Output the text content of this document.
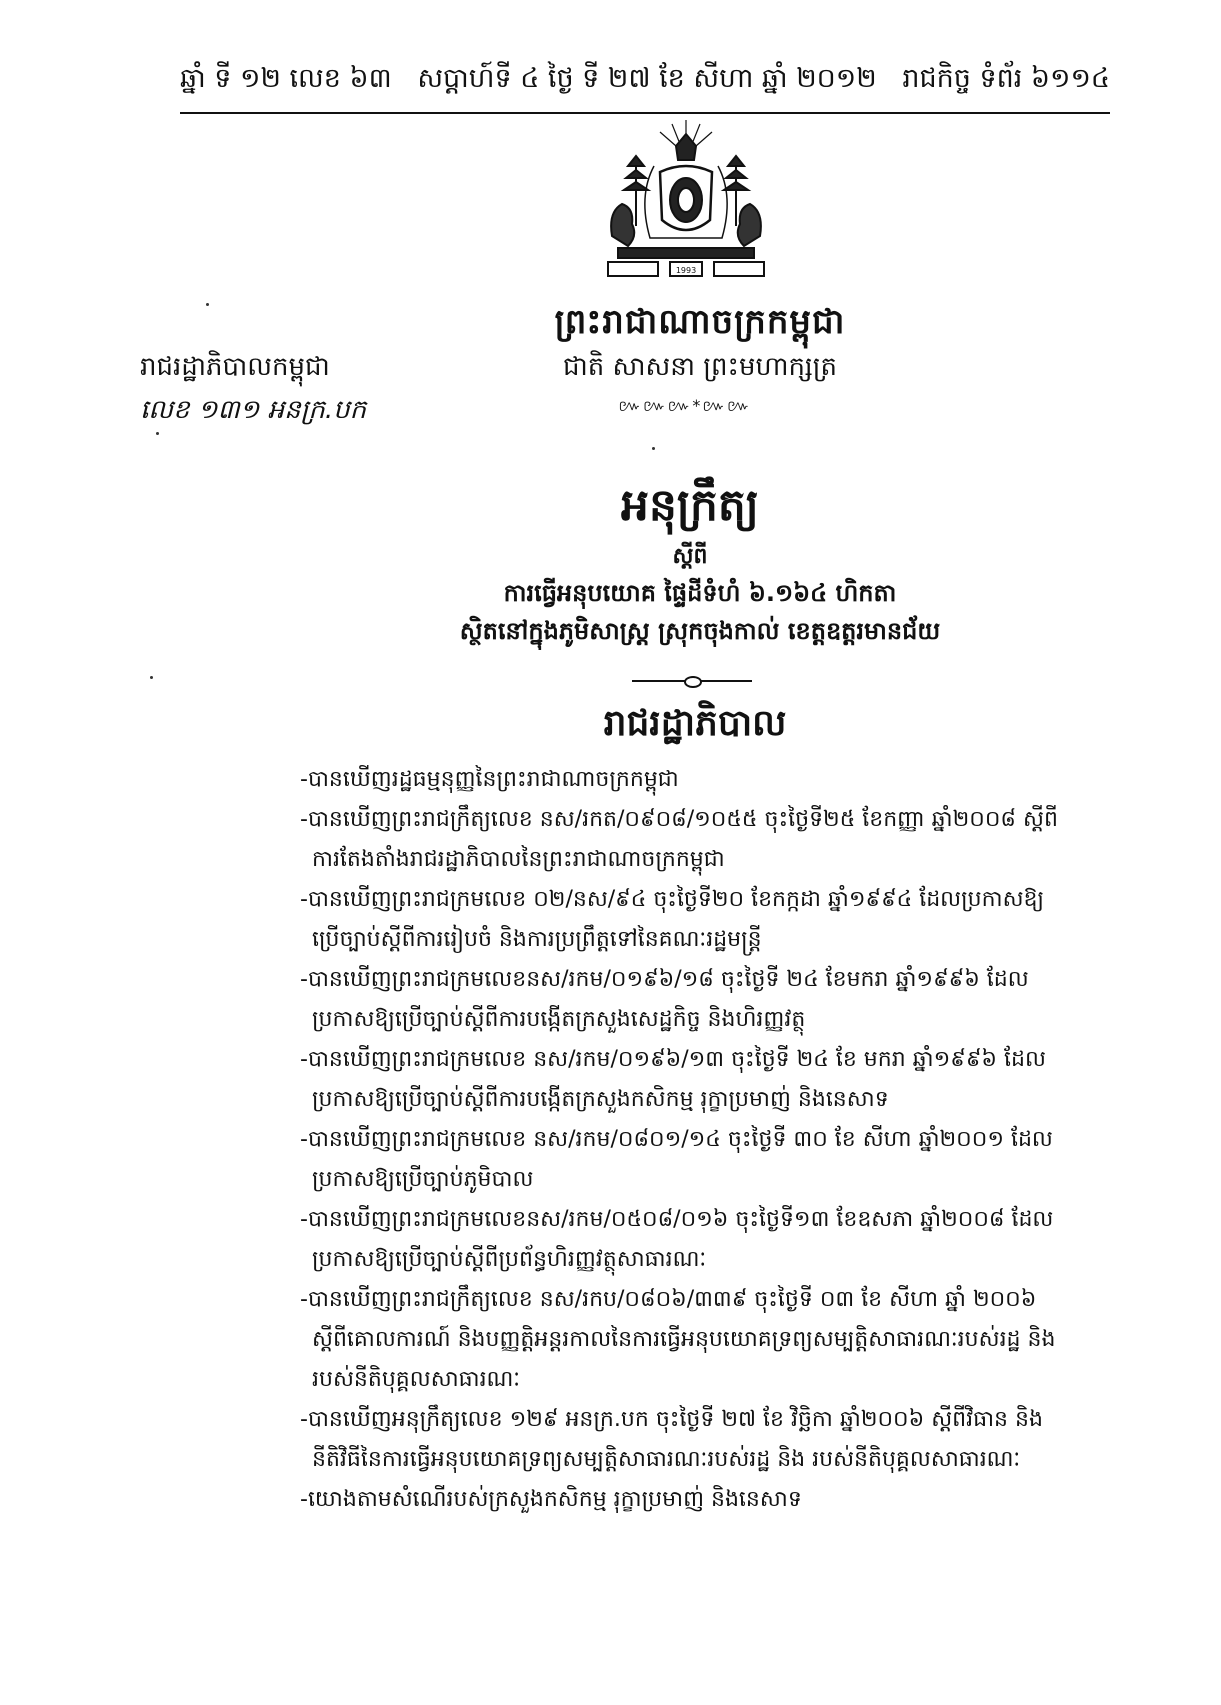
ឆ្នាំ ទី ១២ លេខ ៦៣ សប្តាហ៍ទី ៤ ថ្ងៃ ទី ២៧ ខែ សីហា ឆ្នាំ ២០១២ រាជកិច្ច ទំព័រ ៦១១៤
1993
ព្រះរាជាណាចក្រកម្ពុជា
ជាតិ សាសនា ព្រះមហាក្សត្រ
៚៚៚*៚៚
រាជរដ្ឋាភិបាលកម្ពុជា
លេខ ១៣១ អនក្រ.បក
អនុក្រឹត្យ
ស្តីពី
ការធ្វើអនុបយោគ ផ្ទៃដីទំហំ ៦.១៦៤ ហិកតា
ស្ថិតនៅក្នុងភូមិសាស្ត្រ ស្រុកចុងកាល់ ខេត្តឧត្តរមានជ័យ
រាជរដ្ឋាភិបាល

-បានឃើញរដ្ឋធម្មនុញ្ញនៃព្រះរាជាណាចក្រកម្ពុជា

-បានឃើញព្រះរាជក្រឹត្យលេខ នស/រកត/០៩០៨/១០៥៥ ចុះថ្ងៃទី២៥ ខែកញ្ញា ឆ្នាំ២០០៨ ស្តីពីការតែងតាំងរាជរដ្ឋាភិបាលនៃព្រះរាជាណាចក្រកម្ពុជា

-បានឃើញព្រះរាជក្រមលេខ ០២/នស/៩៤ ចុះថ្ងៃទី២០ ខែកក្កដា ឆ្នាំ១៩៩៤ ដែលប្រកាសឱ្យប្រើច្បាប់ស្តីពីការរៀបចំ និងការប្រព្រឹត្តទៅនៃគណៈរដ្ឋមន្ត្រី

-បានឃើញព្រះរាជក្រមលេខនស/រកម/០១៩៦/១៨ ចុះថ្ងៃទី ២៤ ខែមករា ឆ្នាំ១៩៩៦ ដែលប្រកាសឱ្យប្រើច្បាប់ស្តីពីការបង្កើតក្រសួងសេដ្ឋកិច្ច និងហិរញ្ញវត្ថុ

-បានឃើញព្រះរាជក្រមលេខ នស/រកម/០១៩៦/១៣ ចុះថ្ងៃទី ២៤ ខែ មករា ឆ្នាំ១៩៩៦ ដែលប្រកាសឱ្យប្រើច្បាប់ស្តីពីការបង្កើតក្រសួងកសិកម្ម រុក្ខាប្រមាញ់ និងនេសាទ

-បានឃើញព្រះរាជក្រមលេខ នស/រកម/០៨០១/១៤ ចុះថ្ងៃទី ៣០ ខែ សីហា ឆ្នាំ២០០១ ដែលប្រកាសឱ្យប្រើច្បាប់ភូមិបាល

-បានឃើញព្រះរាជក្រមលេខនស/រកម/០៥០៨/០១៦ ចុះថ្ងៃទី១៣ ខែឧសភា ឆ្នាំ២០០៨ ដែលប្រកាសឱ្យប្រើច្បាប់ស្តីពីប្រព័ន្ធហិរញ្ញវត្ថុសាធារណៈ

-បានឃើញព្រះរាជក្រឹត្យលេខ នស/រកប/០៨០៦/៣៣៩ ចុះថ្ងៃទី ០៣ ខែ សីហា ឆ្នាំ ២០០៦ ស្តីពីគោលការណ៍ និងបញ្ញត្តិអន្តរកាលនៃការធ្វើអនុបយោគទ្រព្យសម្បត្តិសាធារណៈរបស់រដ្ឋ និងរបស់នីតិបុគ្គលសាធារណៈ

-បានឃើញអនុក្រឹត្យលេខ ១២៩ អនក្រ.បក ចុះថ្ងៃទី ២៧ ខែ វិច្ឆិកា ឆ្នាំ២០០៦ ស្តីពីវិធាន និងនីតិវិធីនៃការធ្វើអនុបយោគទ្រព្យសម្បត្តិសាធារណៈរបស់រដ្ឋ និង របស់នីតិបុគ្គលសាធារណៈ

-យោងតាមសំណើរបស់ក្រសួងកសិកម្ម រុក្ខាប្រមាញ់ និងនេសាទ
